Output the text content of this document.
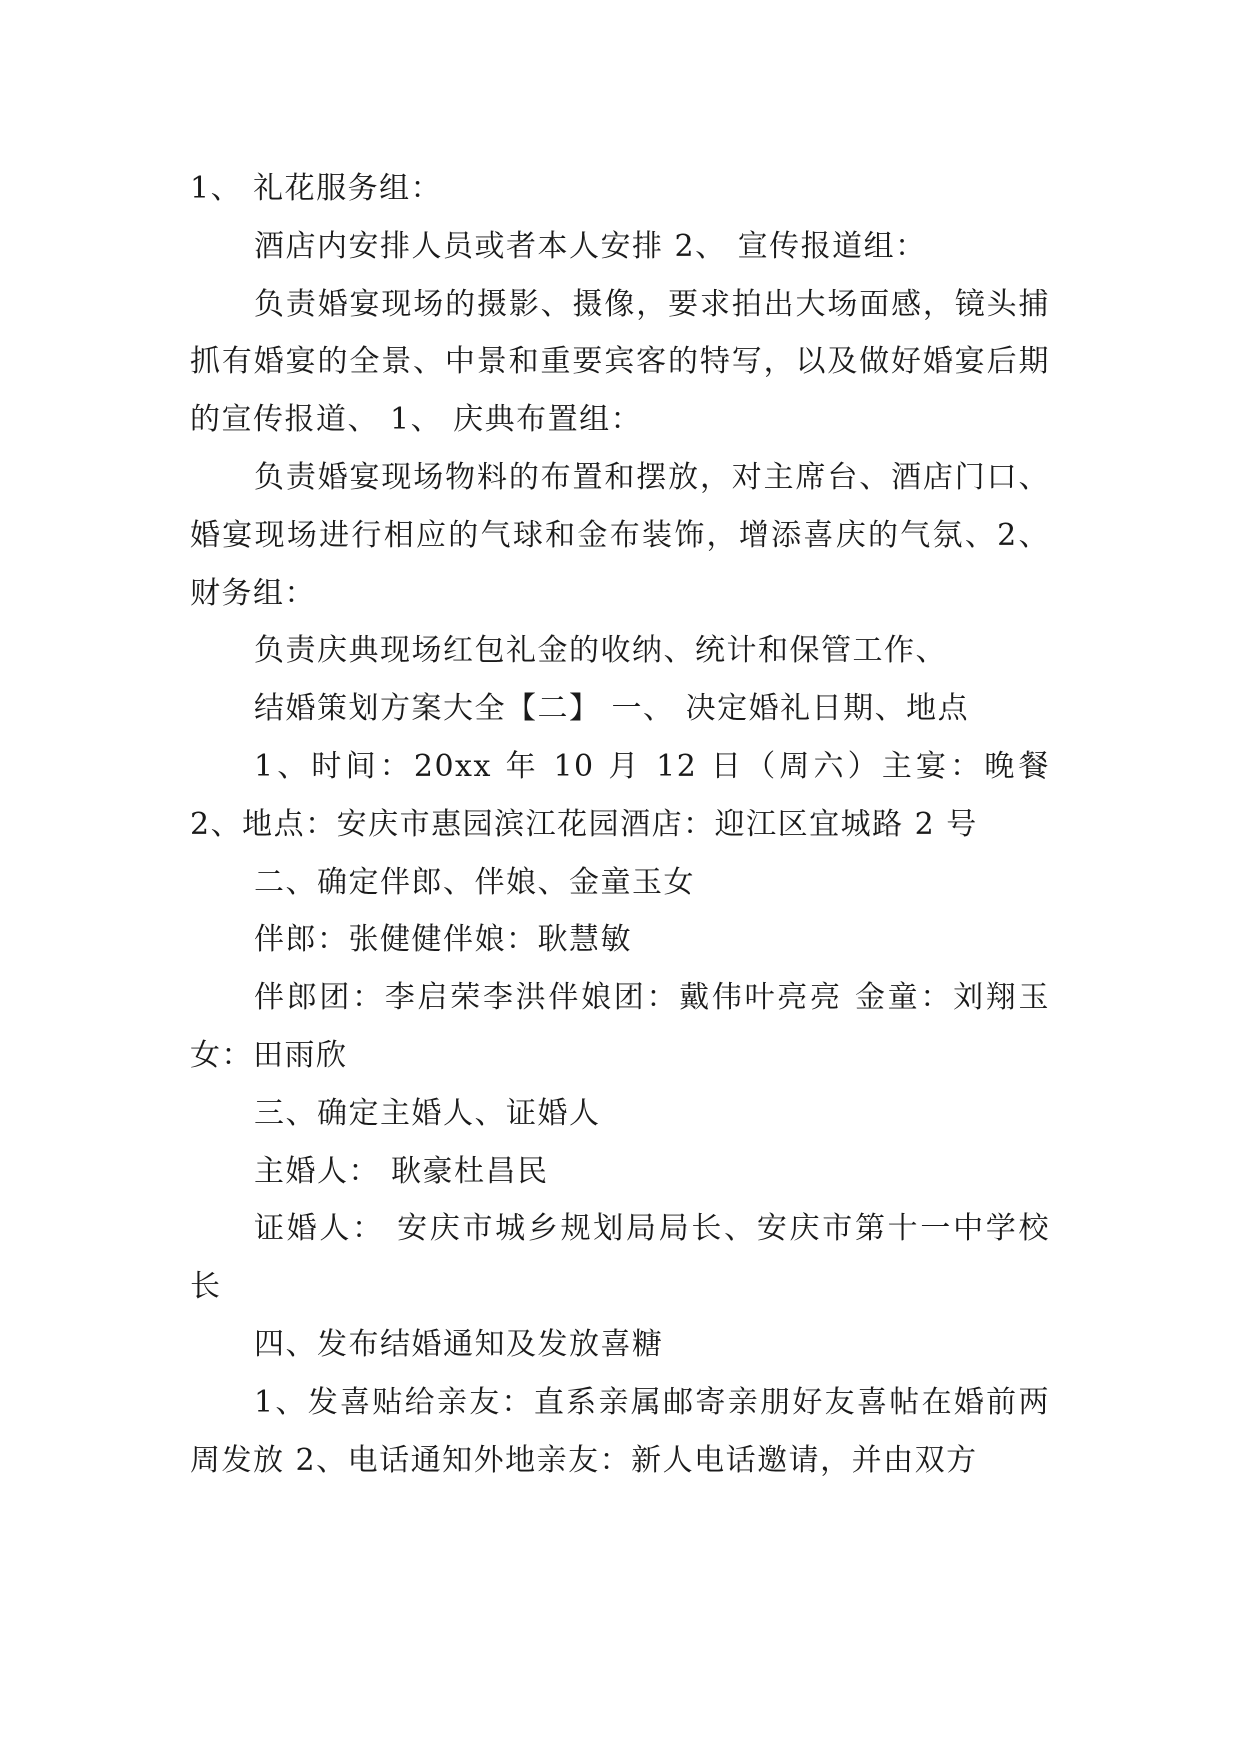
1、 礼花服务组：

酒店内安排人员或者本人安排 2、 宣传报道组：

负责婚宴现场的摄影、摄像，要求拍出大场面感，镜头捕抓有婚宴的全景、中景和重要宾客的特写，以及做好婚宴后期的宣传报道、 1、 庆典布置组：

负责婚宴现场物料的布置和摆放，对主席台、酒店门口、婚宴现场进行相应的气球和金布装饰，增添喜庆的气氛、2、财务组：

负责庆典现场红包礼金的收纳、统计和保管工作、

结婚策划方案大全【二】 一、 决定婚礼日期、地点

1、时间：20xx 年 10 月 12 日（周六）主宴：晚餐 2、地点：安庆市惠园滨江花园酒店：迎江区宜城路 2 号

二、确定伴郎、伴娘、金童玉女

伴郎：张健健伴娘：耿慧敏

伴郎团：李启荣李洪伴娘团：戴伟叶亮亮 金童：刘翔玉女：田雨欣

三、确定主婚人、证婚人

主婚人： 耿豪杜昌民

证婚人： 安庆市城乡规划局局长、安庆市第十一中学校长

四、发布结婚通知及发放喜糖

1、发喜贴给亲友：直系亲属邮寄亲朋好友喜帖在婚前两周发放 2、电话通知外地亲友：新人电话邀请，并由双方
